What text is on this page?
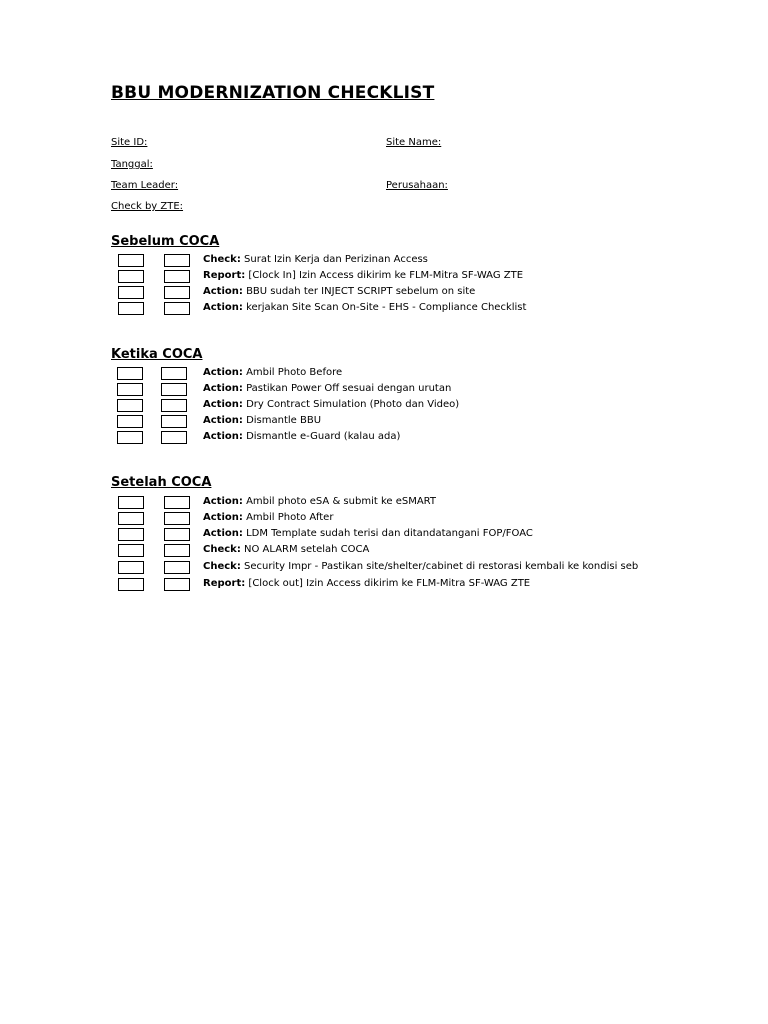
BBU MODERNIZATION CHECKLIST
Site ID:	Site Name:
Tanggal:
Team Leader:	Perusahaan:
Check by ZTE:
Sebelum COCA
Check: Surat Izin Kerja dan Perizinan Access
Report: [Clock In] Izin Access dikirim ke FLM-Mitra SF-WAG ZTE
Action: BBU sudah ter INJECT SCRIPT sebelum on site
Action: kerjakan Site Scan On-Site - EHS - Compliance Checklist
Ketika COCA
Action: Ambil Photo Before
Action: Pastikan Power Off sesuai dengan urutan
Action: Dry Contract Simulation (Photo dan Video)
Action: Dismantle BBU
Action: Dismantle e-Guard (kalau ada)
Setelah COCA
Action: Ambil photo eSA & submit ke eSMART
Action: Ambil Photo After
Action: LDM Template sudah terisi dan ditandatangani FOP/FOAC
Check: NO ALARM setelah COCA
Check: Security Impr - Pastikan site/shelter/cabinet di restorasi kembali ke kondisi seb
Report: [Clock out] Izin Access dikirim ke FLM-Mitra SF-WAG ZTE
